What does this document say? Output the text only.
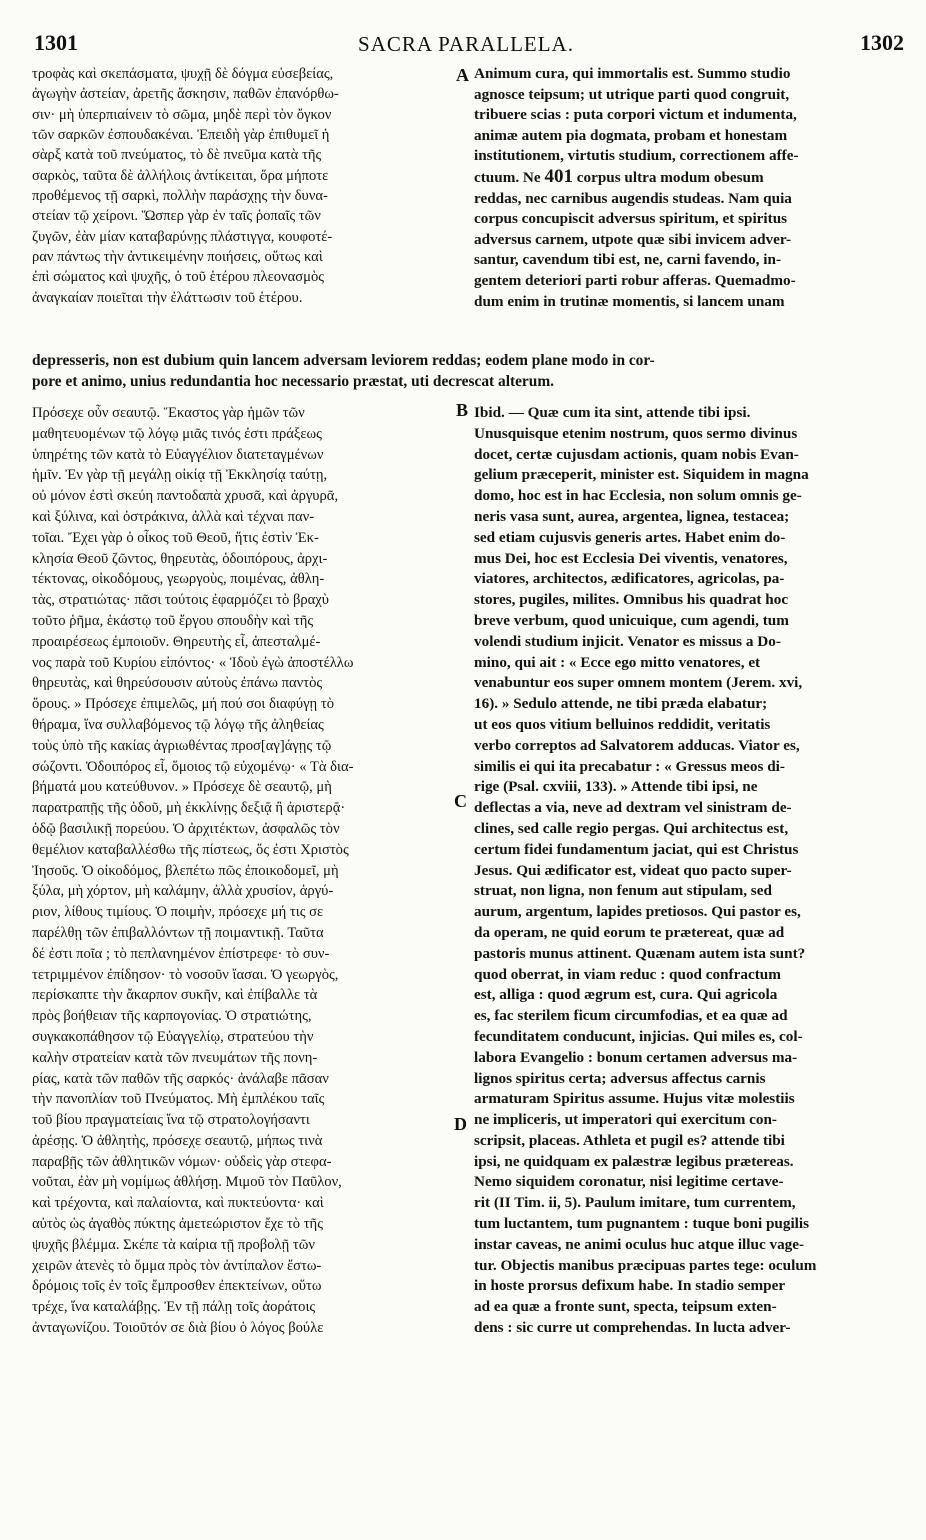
1301	SACRA PARALLELA.	1302
A
B
C
D
τροφὰς καὶ σκεπάσματα, ψυχῇ δὲ δόγμα εὐσεβείας,
ἀγωγὴν ἀστείαν, ἀρετῆς ἄσκησιν, παθῶν ἐπανόρθω-
σιν· μὴ ὑπερπιαίνειν τὸ σῶμα, μηδὲ περὶ τὸν ὄγκον
τῶν σαρκῶν ἐσπουδακέναι. Ἐπειδὴ γὰρ ἐπιθυμεῖ ἡ
σὰρξ κατὰ τοῦ πνεύματος, τὸ δὲ πνεῦμα κατὰ τῆς
σαρκὸς, ταῦτα δὲ ἀλλήλοις ἀντίκειται, ὅρα μήποτε
προθέμενος τῇ σαρκὶ, πολλὴν παράσχῃς τὴν δυνα-
στείαν τῷ χείρονι. Ὥσπερ γὰρ ἐν ταῖς ῥοπαῖς τῶν
ζυγῶν, ἐὰν μίαν καταβαρύνῃς πλάστιγγα, κουφοτέ-
ραν πάντως τὴν ἀντικειμένην ποιήσεις, οὕτως καὶ
ἐπὶ σώματος καὶ ψυχῆς, ὁ τοῦ ἑτέρου πλεονασμὸς
ἀναγκαίαν ποιεῖται τὴν ἐλάττωσιν τοῦ ἑτέρου.
Animum cura, qui immortalis est. Summo studio
agnosce teipsum; ut utrique parti quod congruit,
tribuere scias : puta corpori victum et indumenta,
animæ autem pia dogmata, probam et honestam
institutionem, virtutis studium, correctionem affe-
ctuum. Ne 401 corpus ultra modum obesum
reddas, nec carnibus augendis studeas. Nam quia
corpus concupiscit adversus spiritum, et spiritus
adversus carnem, utpote quæ sibi invicem adver-
santur, cavendum tibi est, ne, carni favendo, in-
gentem deteriori parti robur afferas. Quemadmo-
dum enim in trutinæ momentis, si lancem unam
depresseris, non est dubium quin lancem adversam leviorem reddas; eodem plane modo in cor-
pore et animo, unius redundantia hoc necessario præstat, uti decrescat alterum.
Πρόσεχε οὖν σεαυτῷ. Ἕκαστος γὰρ ἡμῶν τῶν
μαθητευομένων τῷ λόγῳ μιᾶς τινός ἐστι πράξεως
ὑπηρέτης τῶν κατὰ τὸ Εὐαγγέλιον διατεταγμένων
ἡμῖν. Ἐν γὰρ τῇ μεγάλῃ οἰκίᾳ τῇ Ἐκκλησίᾳ ταύτῃ,
οὐ μόνον ἐστὶ σκεύη παντοδαπὰ χρυσᾶ, καὶ ἀργυρᾶ,
καὶ ξύλινα, καὶ ὀστράκινα, ἀλλὰ καὶ τέχναι παν-
τοῖαι. Ἔχει γὰρ ὁ οἶκος τοῦ Θεοῦ, ἥτις ἐστὶν Ἐκ-
κλησία Θεοῦ ζῶντος, θηρευτὰς, ὁδοιπόρους, ἀρχι-
τέκτονας, οἰκοδόμους, γεωργοὺς, ποιμένας, ἀθλη-
τὰς, στρατιώτας· πᾶσι τούτοις ἐφαρμόζει τὸ βραχὺ
τοῦτο ῥῆμα, ἑκάστῳ τοῦ ἔργου σπουδὴν καὶ τῆς
προαιρέσεως ἐμποιοῦν. Θηρευτὴς εἶ, ἀπεσταλμέ-
νος παρὰ τοῦ Κυρίου εἰπόντος· « Ἰδοὺ ἐγὼ ἀποστέλλω
θηρευτὰς, καὶ θηρεύσουσιν αὐτοὺς ἐπάνω παντὸς
ὄρους. » Πρόσεχε ἐπιμελῶς, μή πού σοι διαφύγῃ τὸ
θήραμα, ἵνα συλλαβόμενος τῷ λόγῳ τῆς ἀληθείας
τοὺς ὑπὸ τῆς κακίας ἀγριωθέντας προσ[αγ]άγῃς τῷ
σώζοντι. Ὁδοιπόρος εἶ, ὅμοιος τῷ εὐχομένῳ· « Τὰ δια-
βήματά μου κατεύθυνον. » Πρόσεχε δὲ σεαυτῷ, μὴ
παρατραπῇς τῆς ὁδοῦ, μὴ ἐκκλίνῃς δεξιᾷ ἢ ἀριστερᾷ·
ὁδῷ βασιλικῇ πορεύου. Ὁ ἀρχιτέκτων, ἀσφαλῶς τὸν
θεμέλιον καταβαλλέσθω τῆς πίστεως, ὅς ἐστι Χριστὸς
Ἰησοῦς. Ὁ οἰκοδόμος, βλεπέτω πῶς ἐποικοδομεῖ, μὴ
ξύλα, μὴ χόρτον, μὴ καλάμην, ἀλλὰ χρυσίον, ἀργύ-
ριον, λίθους τιμίους. Ὁ ποιμὴν, πρόσεχε μή τις σε
παρέλθῃ τῶν ἐπιβαλλόντων τῇ ποιμαντικῇ. Ταῦτα
δέ ἐστι ποῖα ; τὸ πεπλανημένον ἐπίστρεφε· τὸ συν-
τετριμμένον ἐπίδησον· τὸ νοσοῦν ἴασαι. Ὁ γεωργὸς,
περίσκαπτε τὴν ἄκαρπον συκῆν, καὶ ἐπίβαλλε τὰ
πρὸς βοήθειαν τῆς καρπογονίας. Ὁ στρατιώτης,
συγκακοπάθησον τῷ Εὐαγγελίῳ, στρατεύου τὴν
καλὴν στρατείαν κατὰ τῶν πνευμάτων τῆς πονη-
ρίας, κατὰ τῶν παθῶν τῆς σαρκός· ἀνάλαβε πᾶσαν
τὴν πανοπλίαν τοῦ Πνεύματος. Μὴ ἐμπλέκου ταῖς
τοῦ βίου πραγματείαις ἵνα τῷ στρατολογήσαντι
ἀρέσῃς. Ὁ ἀθλητὴς, πρόσεχε σεαυτῷ, μήπως τινὰ
παραβῇς τῶν ἀθλητικῶν νόμων· οὐδεὶς γὰρ στεφα-
νοῦται, ἐὰν μὴ νομίμως ἀθλήσῃ. Μιμοῦ τὸν Παῦλον,
καὶ τρέχοντα, καὶ παλαίοντα, καὶ πυκτεύοντα· καὶ
αὐτὸς ὡς ἀγαθὸς πύκτης ἀμετεώριστον ἔχε τὸ τῆς
ψυχῆς βλέμμα. Σκέπε τὰ καίρια τῇ προβολῇ τῶν
χειρῶν ἀτενὲς τὸ ὄμμα πρὸς τὸν ἀντίπαλον ἔστω-
δρόμοις τοῖς ἐν τοῖς ἔμπροσθεν ἐπεκτείνων, οὕτω
τρέχε, ἵνα καταλάβῃς. Ἐν τῇ πάλῃ τοῖς ἀοράτοις
ἀνταγωνίζου. Τοιοῦτόν σε διὰ βίου ὁ λόγος βούλε
Ibid. — Quæ cum ita sint, attende tibi ipsi.
Unusquisque etenim nostrum, quos sermo divinus
docet, certæ cujusdam actionis, quam nobis Evan-
gelium præceperit, minister est. Siquidem in magna
domo, hoc est in hac Ecclesia, non solum omnis ge-
neris vasa sunt, aurea, argentea, lignea, testacea;
sed etiam cujusvis generis artes. Habet enim do-
mus Dei, hoc est Ecclesia Dei viventis, venatores,
viatores, architectos, ædificatores, agricolas, pa-
stores, pugiles, milites. Omnibus his quadrat hoc
breve verbum, quod unicuique, cum agendi, tum
volendi studium injicit. Venator es missus a Do-
mino, qui ait : « Ecce ego mitto venatores, et
venabuntur eos super omnem montem (Jerem. xvi,
16). » Sedulo attende, ne tibi præda elabatur;
ut eos quos vitium belluinos reddidit, veritatis
verbo correptos ad Salvatorem adducas. Viator es,
similis ei qui ita precabatur : « Gressus meos di-
rige (Psal. cxviii, 133). » Attende tibi ipsi, ne
deflectas a via, neve ad dextram vel sinistram de-
clines, sed calle regio pergas. Qui architectus est,
certum fidei fundamentum jaciat, qui est Christus
Jesus. Qui ædificator est, videat quo pacto super-
struat, non ligna, non fenum aut stipulam, sed
aurum, argentum, lapides pretiosos. Qui pastor es,
da operam, ne quid eorum te prætereat, quæ ad
pastoris munus attinent. Quænam autem ista sunt?
quod oberrat, in viam reduc : quod confractum
est, alliga : quod ægrum est, cura. Qui agricola
es, fac sterilem ficum circumfodias, et ea quæ ad
fecunditatem conducunt, injicias. Qui miles es, col-
labora Evangelio : bonum certamen adversus ma-
lignos spiritus certa; adversus affectus carnis
armaturam Spiritus assume. Hujus vitæ molestiis
ne impliceris, ut imperatori qui exercitum con-
scripsit, placeas. Athleta et pugil es? attende tibi
ipsi, ne quidquam ex palæstræ legibus prætereas.
Nemo siquidem coronatur, nisi legitime certave-
rit (II Tim. ii, 5). Paulum imitare, tum currentem,
tum luctantem, tum pugnantem : tuque boni pugilis
instar caveas, ne animi oculus huc atque illuc vage-
tur. Objectis manibus præcipuas partes tege: oculum
in hoste prorsus defixum habe. In stadio semper
ad ea quæ a fronte sunt, specta, teipsum exten-
dens : sic curre ut comprehendas. In lucta adver-
